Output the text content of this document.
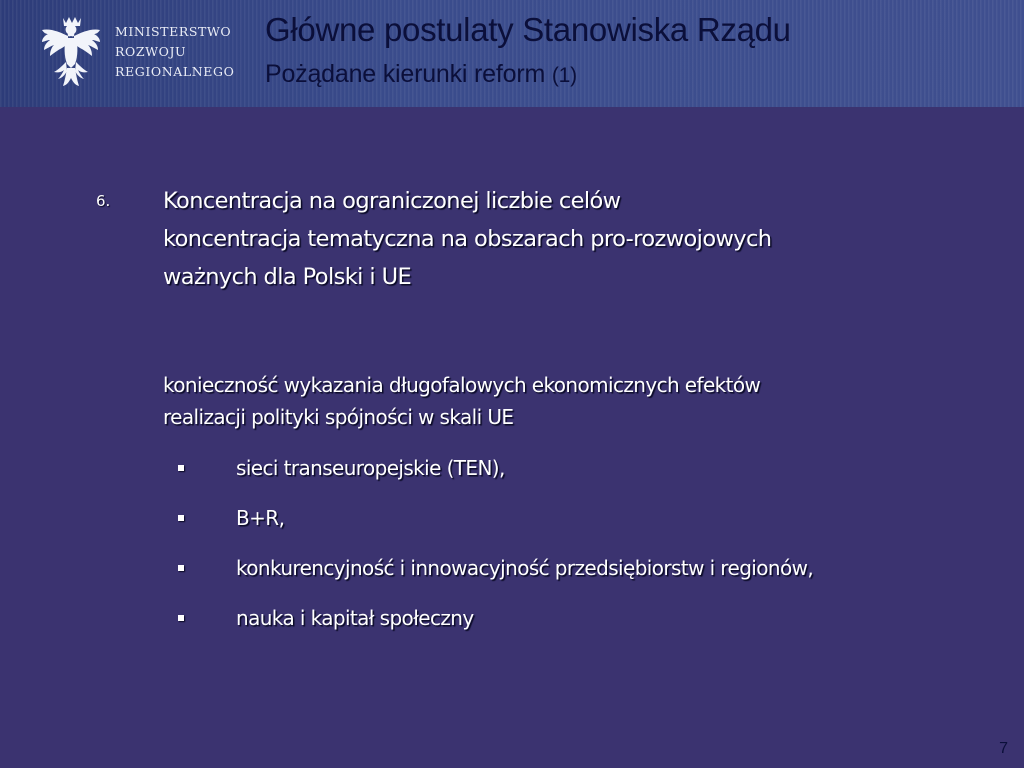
MINISTERSTWO
ROZWOJU
REGIONALNEGO
Główne postulaty Stanowiska Rządu
Pożądane kierunki reform (1)
6. Koncentracja na ograniczonej liczbie celów
koncentracja tematyczna na obszarach pro-rozwojowych
ważnych dla Polski i UE
konieczność wykazania długofalowych ekonomicznych efektów
realizacji polityki spójności w skali UE
sieci transeuropejskie (TEN),
B+R,
konkurencyjność i innowacyjność przedsiębiorstw i regionów,
nauka i kapitał społeczny
7
